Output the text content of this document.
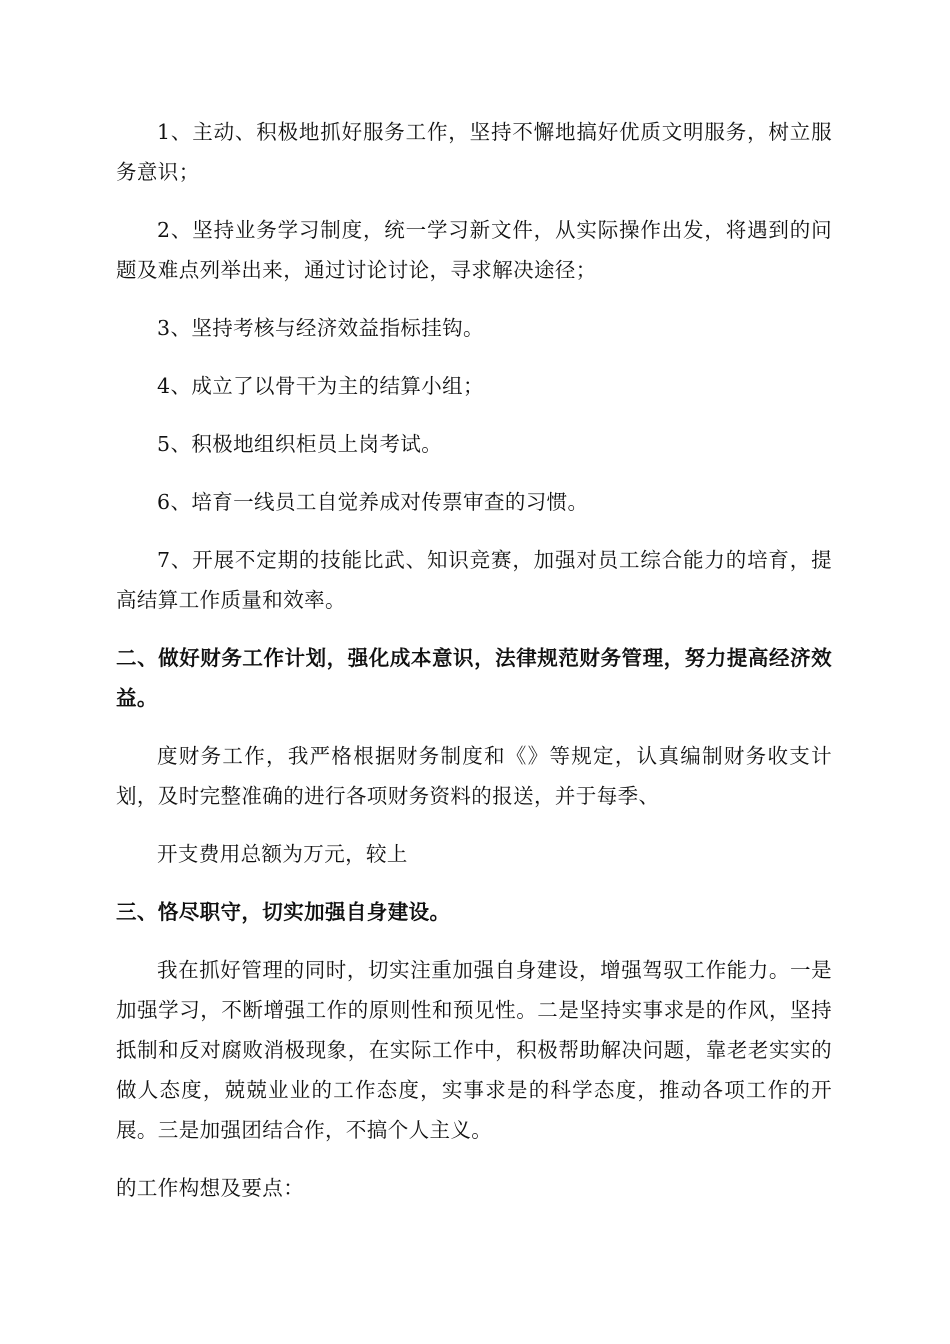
1、主动、积极地抓好服务工作，坚持不懈地搞好优质文明服务，树立服务意识；

2、坚持业务学习制度，统一学习新文件，从实际操作出发，将遇到的问题及难点列举出来，通过讨论讨论，寻求解决途径；

3、坚持考核与经济效益指标挂钩。

4、成立了以骨干为主的结算小组；

5、积极地组织柜员上岗考试。

6、培育一线员工自觉养成对传票审查的习惯。

7、开展不定期的技能比武、知识竞赛，加强对员工综合能力的培育，提高结算工作质量和效率。

二、做好财务工作计划，强化成本意识，法律规范财务管理，努力提高经济效益。

度财务工作，我严格根据财务制度和《》等规定，认真编制财务收支计划，及时完整准确的进行各项财务资料的报送，并于每季、

开支费用总额为万元，较上

三、恪尽职守，切实加强自身建设。

我在抓好管理的同时，切实注重加强自身建设，增强驾驭工作能力。一是加强学习，不断增强工作的原则性和预见性。二是坚持实事求是的作风，坚持抵制和反对腐败消极现象，在实际工作中，积极帮助解决问题，靠老老实实的做人态度，兢兢业业的工作态度，实事求是的科学态度，推动各项工作的开展。三是加强团结合作，不搞个人主义。

的工作构想及要点：
